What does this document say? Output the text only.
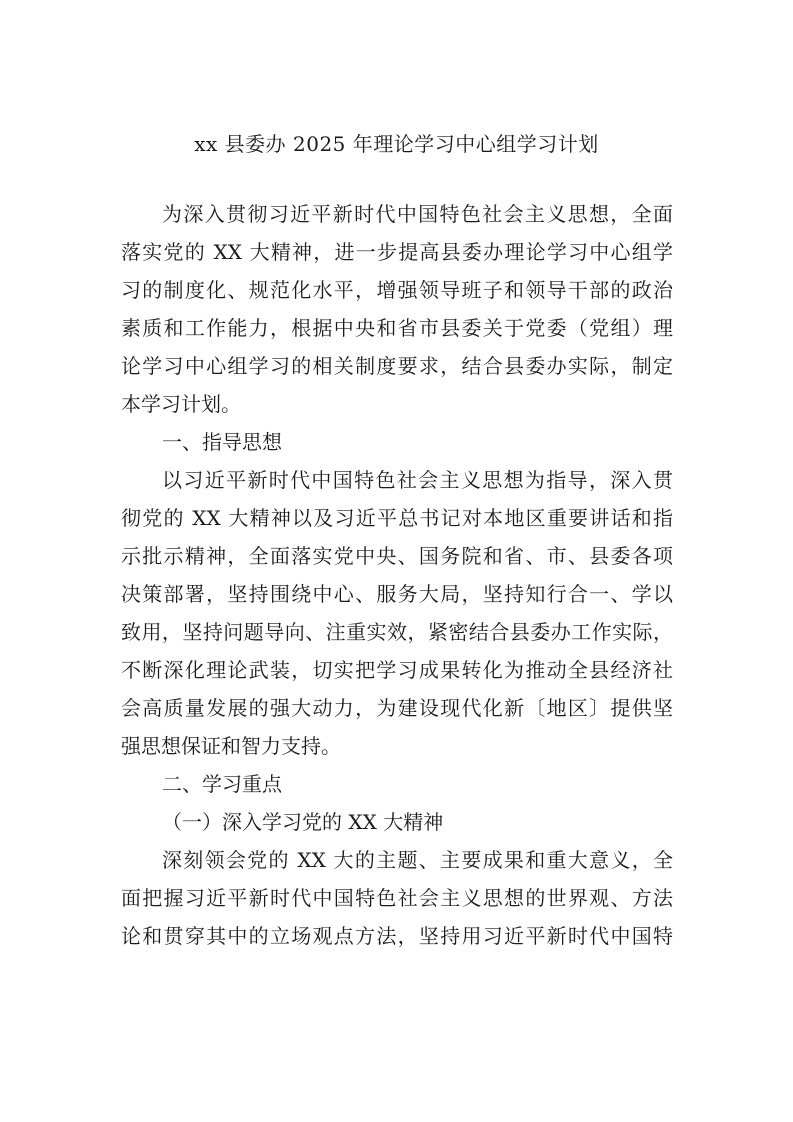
xx 县委办 2025 年理论学习中心组学习计划
为深入贯彻习近平新时代中国特色社会主义思想，全面
落实党的 XX 大精神，进一步提高县委办理论学习中心组学
习的制度化、规范化水平，增强领导班子和领导干部的政治
素质和工作能力，根据中央和省市县委关于党委（党组）理
论学习中心组学习的相关制度要求，结合县委办实际，制定
本学习计划。
一、指导思想
以习近平新时代中国特色社会主义思想为指导，深入贯
彻党的 XX 大精神以及习近平总书记对本地区重要讲话和指
示批示精神，全面落实党中央、国务院和省、市、县委各项
决策部署，坚持围绕中心、服务大局，坚持知行合一、学以
致用，坚持问题导向、注重实效，紧密结合县委办工作实际，
不断深化理论武装，切实把学习成果转化为推动全县经济社
会高质量发展的强大动力，为建设现代化新〔地区〕提供坚
强思想保证和智力支持。
二、学习重点
（一）深入学习党的 XX 大精神
深刻领会党的 XX 大的主题、主要成果和重大意义，全
面把握习近平新时代中国特色社会主义思想的世界观、方法
论和贯穿其中的立场观点方法，坚持用习近平新时代中国特
